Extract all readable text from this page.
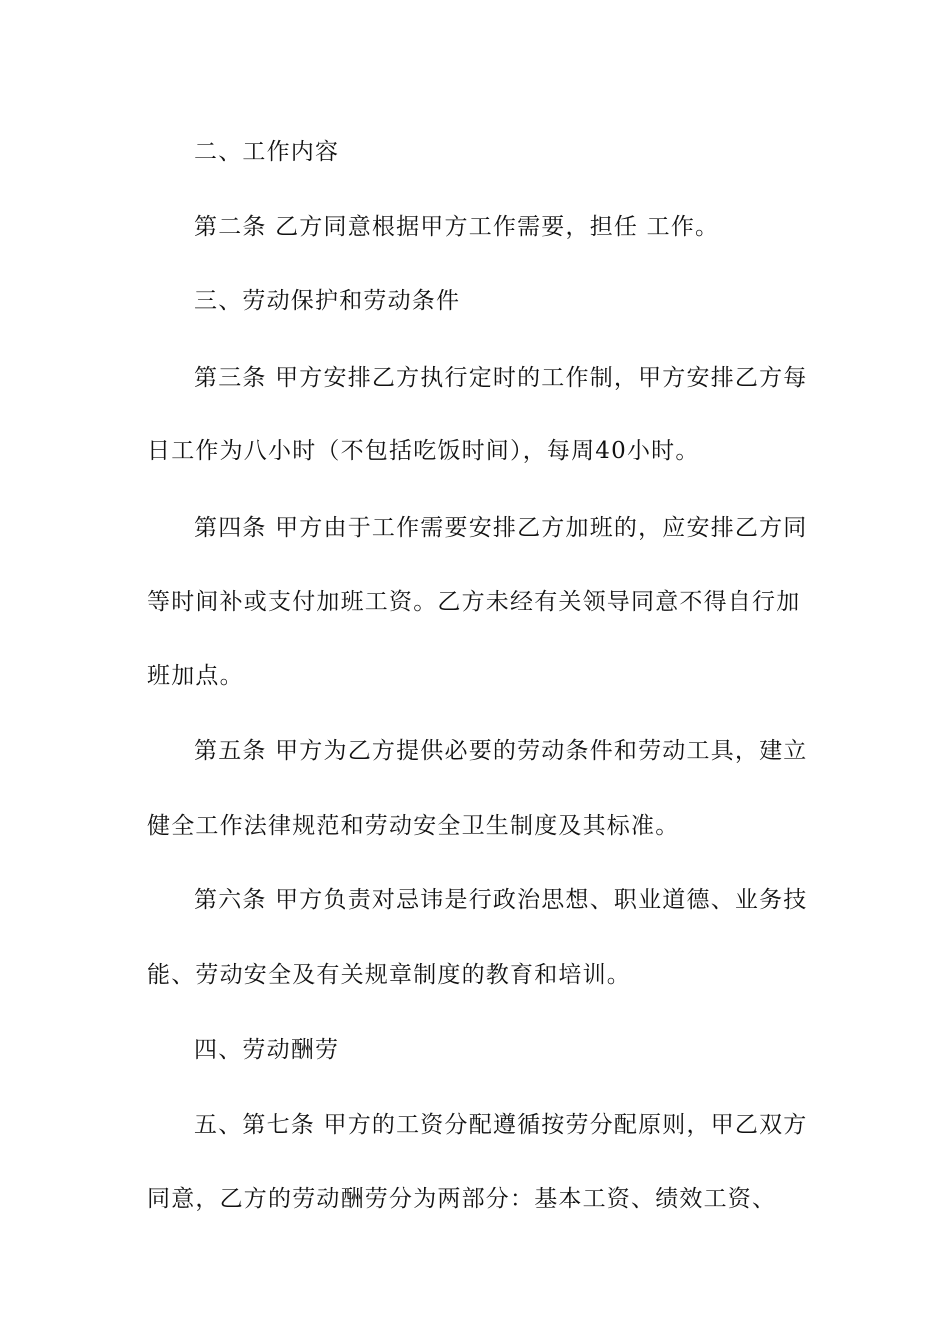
二、工作内容
第二条 乙方同意根据甲方工作需要，担任 工作。
三、劳动保护和劳动条件
第三条 甲方安排乙方执行定时的工作制，甲方安排乙方每
日工作为八小时（不包括吃饭时间），每周40小时。
第四条 甲方由于工作需要安排乙方加班的，应安排乙方同
等时间补或支付加班工资。乙方未经有关领导同意不得自行加
班加点。
第五条 甲方为乙方提供必要的劳动条件和劳动工具，建立
健全工作法律规范和劳动安全卫生制度及其标准。
第六条 甲方负责对忌讳是行政治思想、职业道德、业务技
能、劳动安全及有关规章制度的教育和培训。
四、劳动酬劳
五、第七条 甲方的工资分配遵循按劳分配原则，甲乙双方
同意，乙方的劳动酬劳分为两部分：基本工资、绩效工资、
